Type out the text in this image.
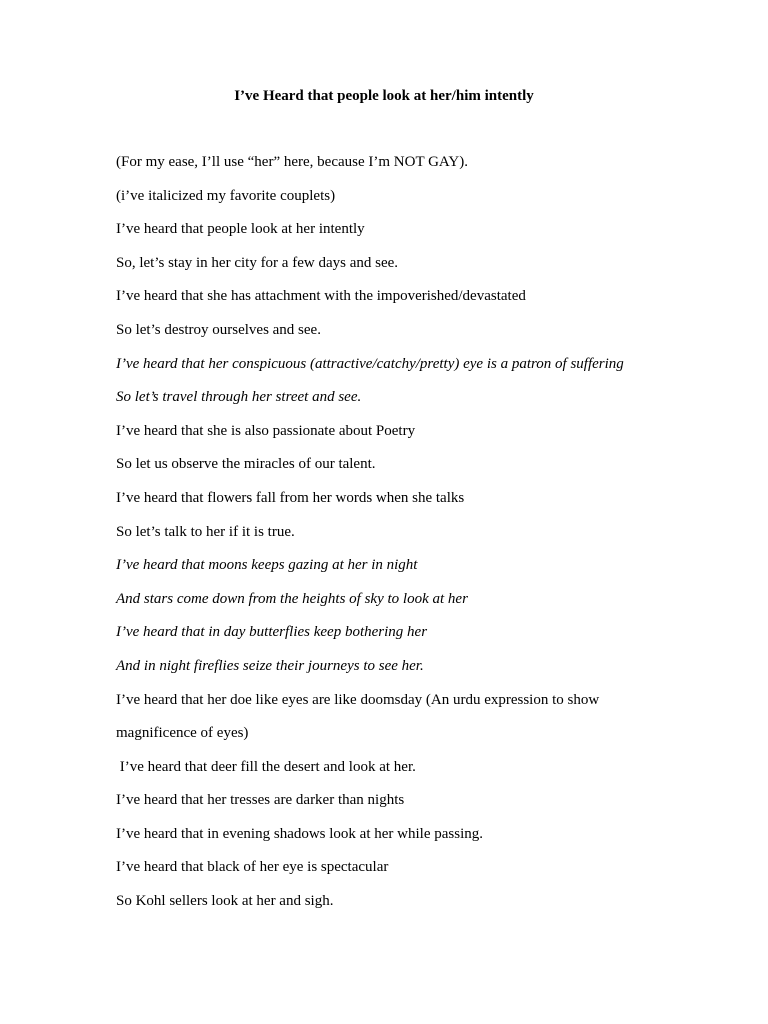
I’ve Heard that people look at her/him intently
(For my ease, I’ll use “her” here, because I’m NOT GAY).
(i’ve italicized my favorite couplets)
I’ve heard that people look at her intently
So, let’s stay in her city for a few days and see.
I’ve heard that she has attachment with the impoverished/devastated
So let’s destroy ourselves and see.
I’ve heard that her conspicuous (attractive/catchy/pretty) eye is a patron of suffering
So let’s travel through her street and see.
I’ve heard that she is also passionate about Poetry
So let us observe the miracles of our talent.
I’ve heard that flowers fall from her words when she talks
So let’s talk to her if it is true.
I’ve heard that moons keeps gazing at her in night
And stars come down from the heights of sky to look at her
I’ve heard that in day butterflies keep bothering her
And in night fireflies seize their journeys to see her.
I’ve heard that her doe like eyes are like doomsday (An urdu expression to show
magnificence of eyes)
I’ve heard that deer fill the desert and look at her.
I’ve heard that her tresses are darker than nights
I’ve heard that in evening shadows look at her while passing.
I’ve heard that black of her eye is spectacular
So Kohl sellers look at her and sigh.
